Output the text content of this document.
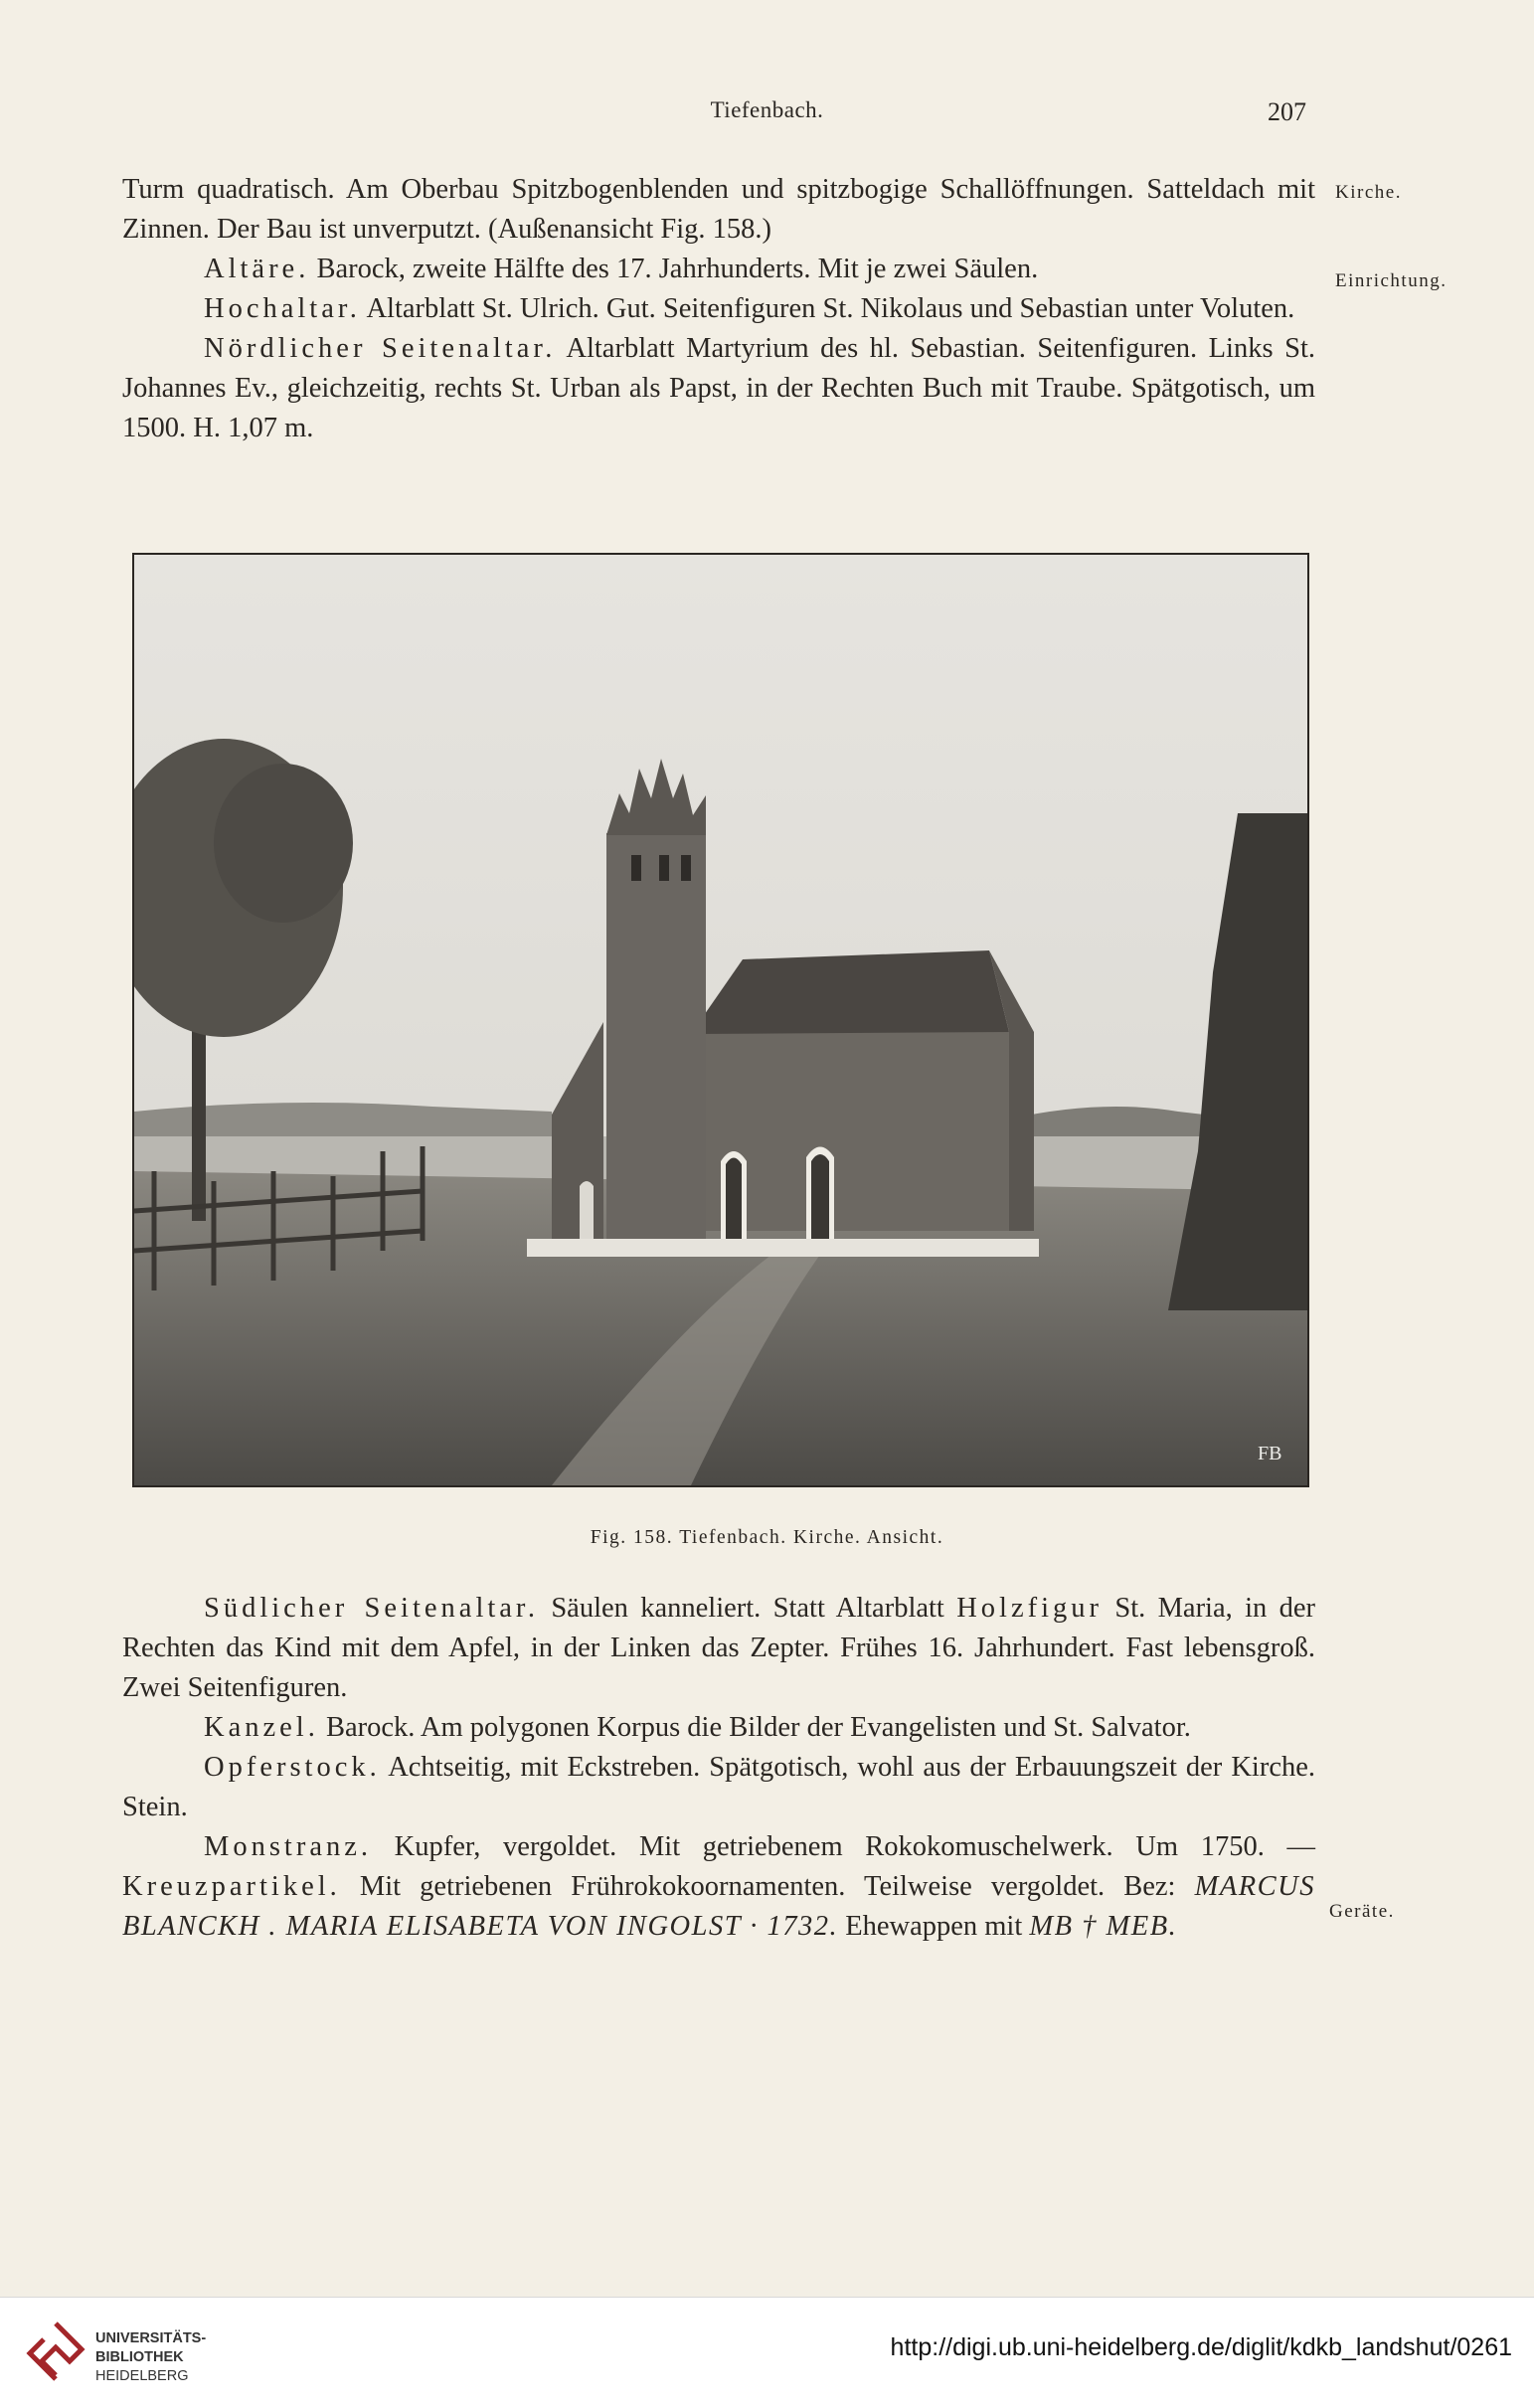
Tiefenbach.	207
Kirche.
Einrichtung.
Geräte.

Turm quadratisch. Am Oberbau Spitzbogenblenden und spitzbogige Schallöffnungen. Satteldach mit Zinnen. Der Bau ist unverputzt. (Außenansicht Fig. 158.)

Altäre. Barock, zweite Hälfte des 17. Jahrhunderts. Mit je zwei Säulen.

Hochaltar. Altarblatt St. Ulrich. Gut. Seitenfiguren St. Nikolaus und Sebastian unter Voluten.

Nördlicher Seitenaltar. Altarblatt Martyrium des hl. Sebastian. Seitenfiguren. Links St. Johannes Ev., gleichzeitig, rechts St. Urban als Papst, in der Rechten Buch mit Traube. Spätgotisch, um 1500. H. 1,07 m.

FB
Fig. 158. Tiefenbach. Kirche. Ansicht.

Südlicher Seitenaltar. Säulen kanneliert. Statt Altarblatt Holzfigur St. Maria, in der Rechten das Kind mit dem Apfel, in der Linken das Zepter. Frühes 16. Jahrhundert. Fast lebensgroß. Zwei Seitenfiguren.

Kanzel. Barock. Am polygonen Korpus die Bilder der Evangelisten und St. Salvator.

Opferstock. Achtseitig, mit Eckstreben. Spätgotisch, wohl aus der Erbauungszeit der Kirche. Stein.

Monstranz. Kupfer, vergoldet. Mit getriebenem Rokokomuschelwerk. Um 1750. — Kreuzpartikel. Mit getriebenen Frührokokoornamenten. Teilweise vergoldet. Bez: MARCUS BLANCKH . MARIA ELISABETA VON INGOLST · 1732. Ehewappen mit MB † MEB.

UNIVERSITÄTS-
BIBLIOTHEK
HEIDELBERG
http://digi.ub.uni-heidelberg.de/diglit/kdkb_landshut/0261
